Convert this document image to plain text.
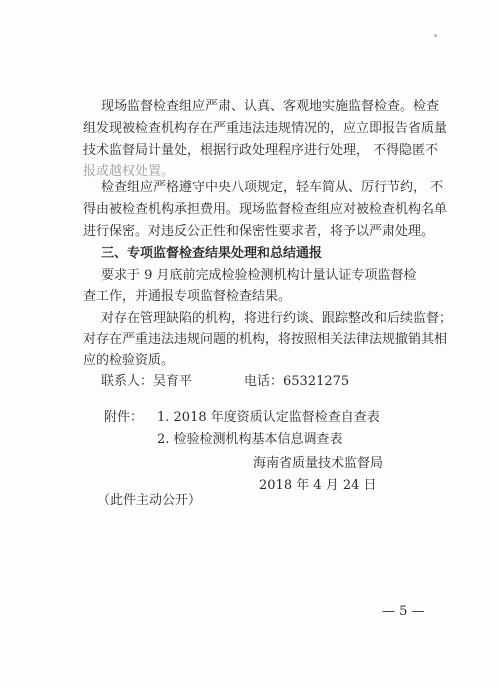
现场监督检查组应严肃、认真、客观地实施监督检查。检查
组发现被检查机构存在严重违法违规情况的，应立即报告省质量
技术监督局计量处，根据行政处理程序进行处理， 不得隐匿不
报或越权处置。
检查组应严格遵守中央八项规定，轻车简从、厉行节约， 不
得由被检查机构承担费用。现场监督检查组应对被检查机构名单
进行保密。对违反公正性和保密性要求者，将予以严肃处理。
三、专项监督检查结果处理和总结通报
要求于 9 月底前完成检验检测机构计量认证专项监督检
查工作，并通报专项监督检查结果。
对存在管理缺陷的机构，将进行约谈、跟踪整改和后续监督；
对存在严重违法违规问题的机构，将按照相关法律法规撤销其相
应的检验资质。
联系人：吴育平	电话：65321275
附件： 1. 2018 年度资质认定监督检查自查表
2. 检验检测机构基本信息调查表
海南省质量技术监督局
2018 年 4 月 24 日
（此件主动公开）
— 5 —
